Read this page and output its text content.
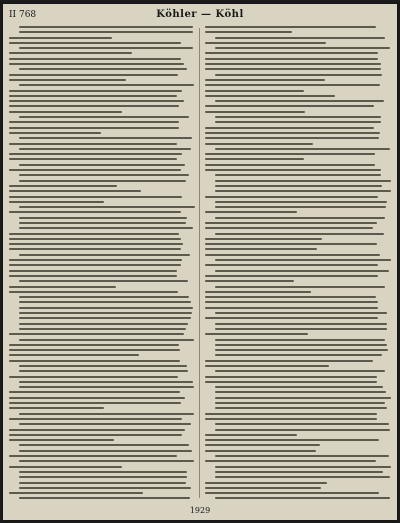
II 768	Köhler — Köhl
1929
